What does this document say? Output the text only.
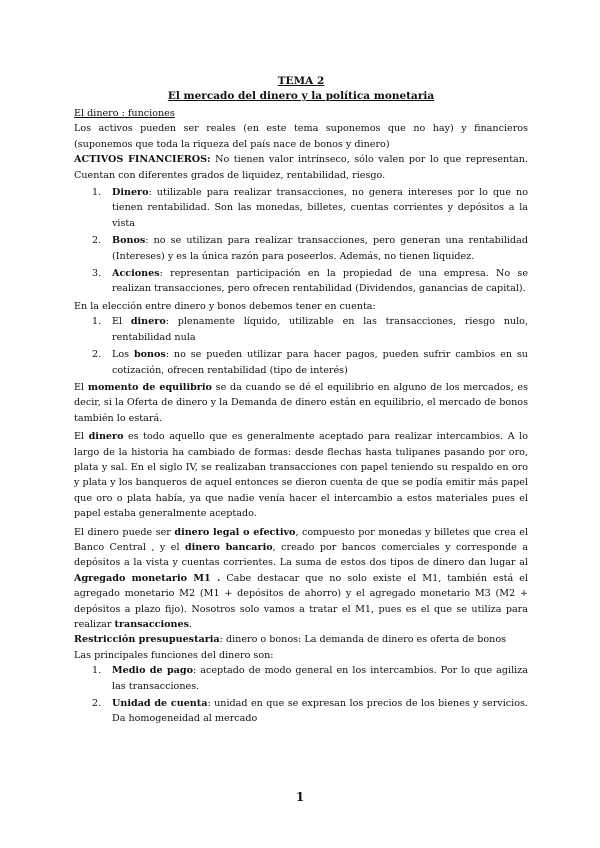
TEMA 2
El mercado del dinero y la política monetaria

El dinero : funciones

Los activos pueden ser reales (en este tema suponemos que no hay) y financieros (suponemos que toda la riqueza del país nace de bonos y dinero)

ACTIVOS FINANCIEROS: No tienen valor intrínseco, sólo valen por lo que representan. Cuentan con diferentes grados de liquidez, rentabilidad, riesgo.

1. Dinero: utilizable para realizar transacciones, no genera intereses por lo que no tienen rentabilidad. Son las monedas, billetes, cuentas corrientes y depósitos a la vista
2. Bonos: no se utilizan para realizar transacciones, pero generan una rentabilidad (Intereses) y es la única razón para poseerlos. Además, no tienen liquidez.
3. Acciones: representan participación en la propiedad de una empresa. No se realizan transacciones, pero ofrecen rentabilidad (Dividendos, ganancias de capital).

En la elección entre dinero y bonos debemos tener en cuenta:

1. El dinero: plenamente líquido, utilizable en las transacciones, riesgo nulo, rentabilidad nula
2. Los bonos: no se pueden utilizar para hacer pagos, pueden sufrir cambios en su cotización, ofrecen rentabilidad (tipo de interés)

El momento de equilibrio se da cuando se dé el equilibrio en alguno de los mercados, es decir, si la Oferta de dinero y la Demanda de dinero están en equilibrio, el mercado de bonos también lo estará.

El dinero es todo aquello que es generalmente aceptado para realizar intercambios. A lo largo de la historia ha cambiado de formas: desde flechas hasta tulipanes pasando por oro, plata y sal. En el siglo IV, se realizaban transacciones con papel teniendo su respaldo en oro y plata y los banqueros de aquel entonces se dieron cuenta de que se podía emitir más papel que oro o plata había, ya que nadie venía hacer el intercambio a estos materiales pues el papel estaba generalmente aceptado.

El dinero puede ser dinero legal o efectivo, compuesto por monedas y billetes que crea el Banco Central , y el dinero bancario, creado por bancos comerciales y corresponde a depósitos a la vista y cuentas corrientes. La suma de estos dos tipos de dinero dan lugar al Agregado monetario M1 . Cabe destacar que no solo existe el M1, también está el agregado monetario M2 (M1 + depósitos de ahorro) y el agregado monetario M3 (M2 + depósitos a plazo fijo). Nosotros solo vamos a tratar el M1, pues es el que se utiliza para realizar transacciones.

Restricción presupuestaria: dinero o bonos: La demanda de dinero es oferta de bonos

Las principales funciones del dinero son:

1. Medio de pago: aceptado de modo general en los intercambios. Por lo que agiliza las transacciones.
2. Unidad de cuenta: unidad en que se expresan los precios de los bienes y servicios. Da homogeneidad al mercado
1
